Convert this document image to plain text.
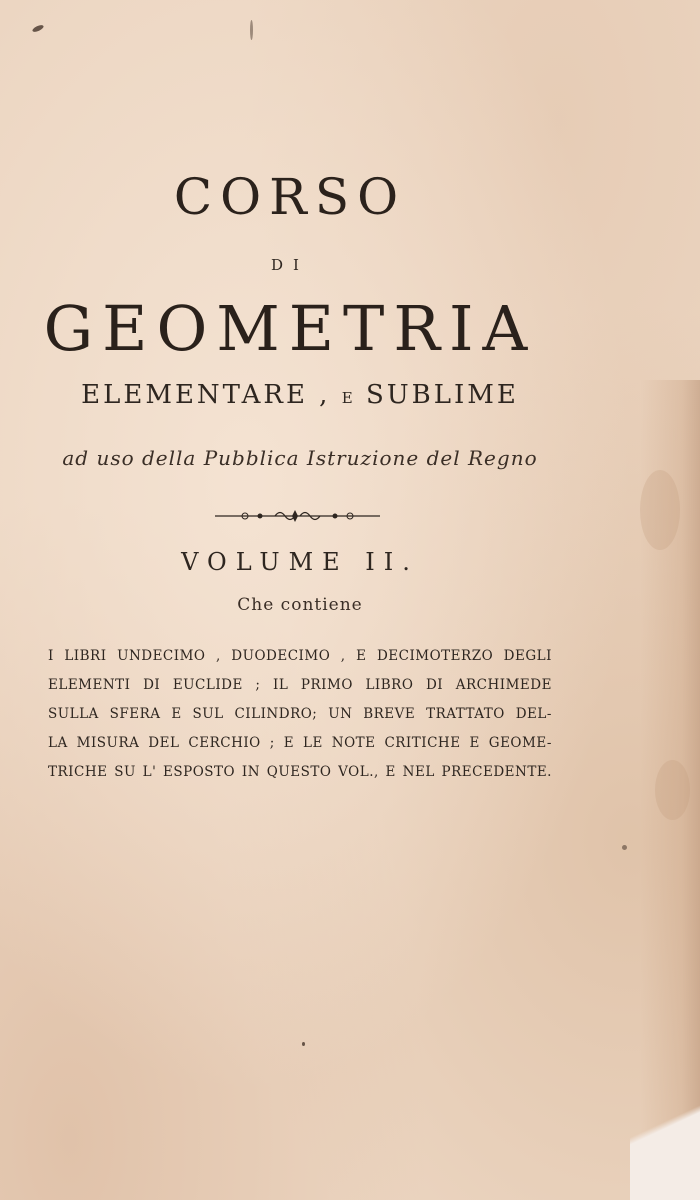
CORSO
DI
GEOMETRIA
ELEMENTARE , E SUBLIME
ad uso della Pubblica Istruzione del Regno
VOLUME II.
Che contiene
I LIBRI UNDECIMO , DUODECIMO , E DECIMOTERZO DEGLI
ELEMENTI DI EUCLIDE ; IL PRIMO LIBRO DI ARCHIMEDE
SULLA SFERA E SUL CILINDRO; UN BREVE TRATTATO DEL-
LA MISURA DEL CERCHIO ; E LE NOTE CRITICHE E GEOME-
TRICHE SU L' ESPOSTO IN QUESTO VOL., E NEL PRECEDENTE.
